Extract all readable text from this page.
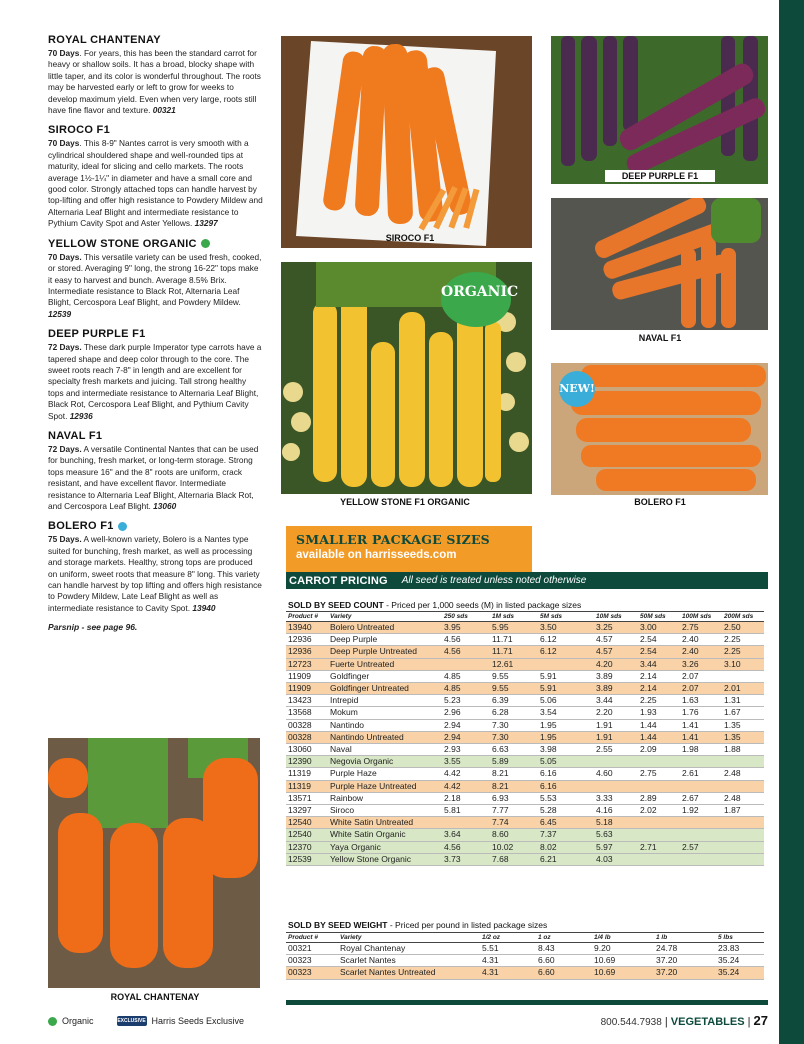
ROYAL CHANTENAY

70 Days. For years, this has been the standard carrot for heavy or shallow soils. It has a broad, blocky shape with little taper, and its color is wonderful throughout. The roots may be harvested early or left to grow for weeks to develop maximum yield. Even when very large, roots still have fine flavor and texture. 00321

SIROCO F1

70 Days. This 8-9" Nantes carrot is very smooth with a cylindrical shouldered shape and well-rounded tips at maturity, ideal for slicing and cello markets. The roots average 1½-1¼" in diameter and have a small core and good color. Strongly attached tops can handle harvest by top-lifting and offer high resistance to Powdery Mildew and Alternaria Leaf Blight and intermediate resistance to Pythium Cavity Spot and Aster Yellows. 13297

YELLOW STONE ORGANIC

70 Days. This versatile variety can be used fresh, cooked, or stored. Averaging 9" long, the strong 16-22" tops make it easy to harvest and bunch. Average 8.5% Brix. Intermediate resistance to Black Rot, Alternaria Leaf Blight, Cercospora Leaf Blight, and Powdery Mildew. 12539

DEEP PURPLE F1

72 Days. These dark purple Imperator type carrots have a tapered shape and deep color through to the core. The sweet roots reach 7-8" in length and are excellent for specialty fresh markets and juicing. Tall strong healthy tops and intermediate resistance to Alternaria Leaf Blight, Black Rot, Cercospora Leaf Blight, and Pythium Cavity Spot. 12936

NAVAL F1

72 Days. A versatile Continental Nantes that can be used for bunching, fresh market, or long-term storage. Strong tops measure 16" and the 8" roots are uniform, crack resistant, and have excellent flavor. Intermediate resistance to Alternaria Leaf Blight, Alternaria Black Rot, and Cercospora Leaf Blight. 13060

BOLERO F1

75 Days. A well-known variety, Bolero is a Nantes type suited for bunching, fresh market, as well as processing and storage markets. Healthy, strong tops are produced on uniform, sweet roots that measure 8" long. This variety can handle harvest by top lifting and offers high resistance to Powdery Mildew, Late Leaf Blight as well as intermediate resistance to Cavity Spot. 13940

Parsnip - see page 96.
SIROCO F1
DEEP PURPLE F1
NAVAL F1
ORGANIC
YELLOW STONE F1 ORGANIC
NEW!
BOLERO F1
ROYAL CHANTENAY
SMALLER PACKAGE SIZES
available on harrisseeds.com
CARROT PRICING All seed is treated unless noted otherwise
SOLD BY SEED COUNT - Priced per 1,000 seeds (M) in listed package sizes
Product #	Variety	250 sds	1M sds	5M sds	10M sds	50M sds	100M sds	200M sds
13940	Bolero Untreated	3.95	5.95	3.50	3.25	3.00	2.75	2.50
12936	Deep Purple	4.56	11.71	6.12	4.57	2.54	2.40	2.25
12936	Deep Purple Untreated	4.56	11.71	6.12	4.57	2.54	2.40	2.25
12723	Fuerte Untreated		12.61		4.20	3.44	3.26	3.10
11909	Goldfinger	4.85	9.55	5.91	3.89	2.14	2.07	
11909	Goldfinger Untreated	4.85	9.55	5.91	3.89	2.14	2.07	2.01
13423	Intrepid	5.23	6.39	5.06	3.44	2.25	1.63	1.31
13568	Mokum	2.96	6.28	3.54	2.20	1.93	1.76	1.67
00328	Nantindo	2.94	7.30	1.95	1.91	1.44	1.41	1.35
00328	Nantindo Untreated	2.94	7.30	1.95	1.91	1.44	1.41	1.35
13060	Naval	2.93	6.63	3.98	2.55	2.09	1.98	1.88
12390	Negovia Organic	3.55	5.89	5.05				
11319	Purple Haze	4.42	8.21	6.16	4.60	2.75	2.61	2.48
11319	Purple Haze Untreated	4.42	8.21	6.16				
13571	Rainbow	2.18	6.93	5.53	3.33	2.89	2.67	2.48
13297	Siroco	5.81	7.77	5.28	4.16	2.02	1.92	1.87
12540	White Satin Untreated		7.74	6.45	5.18			
12540	White Satin Organic	3.64	8.60	7.37	5.63			
12370	Yaya Organic	4.56	10.02	8.02	5.97	2.71	2.57	
12539	Yellow Stone Organic	3.73	7.68	6.21	4.03			
SOLD BY SEED WEIGHT - Priced per pound in listed package sizes
Product #	Variety	1/2 oz	1 oz	1/4 lb	1 lb	5 lbs
00321	Royal Chantenay	5.51	8.43	9.20	24.78	23.83
00323	Scarlet Nantes	4.31	6.60	10.69	37.20	35.24
00323	Scarlet Nantes Untreated	4.31	6.60	10.69	37.20	35.24
Organic	EXCLUSIVE Harris Seeds Exclusive	800.544.7938 | VEGETABLES | 27
